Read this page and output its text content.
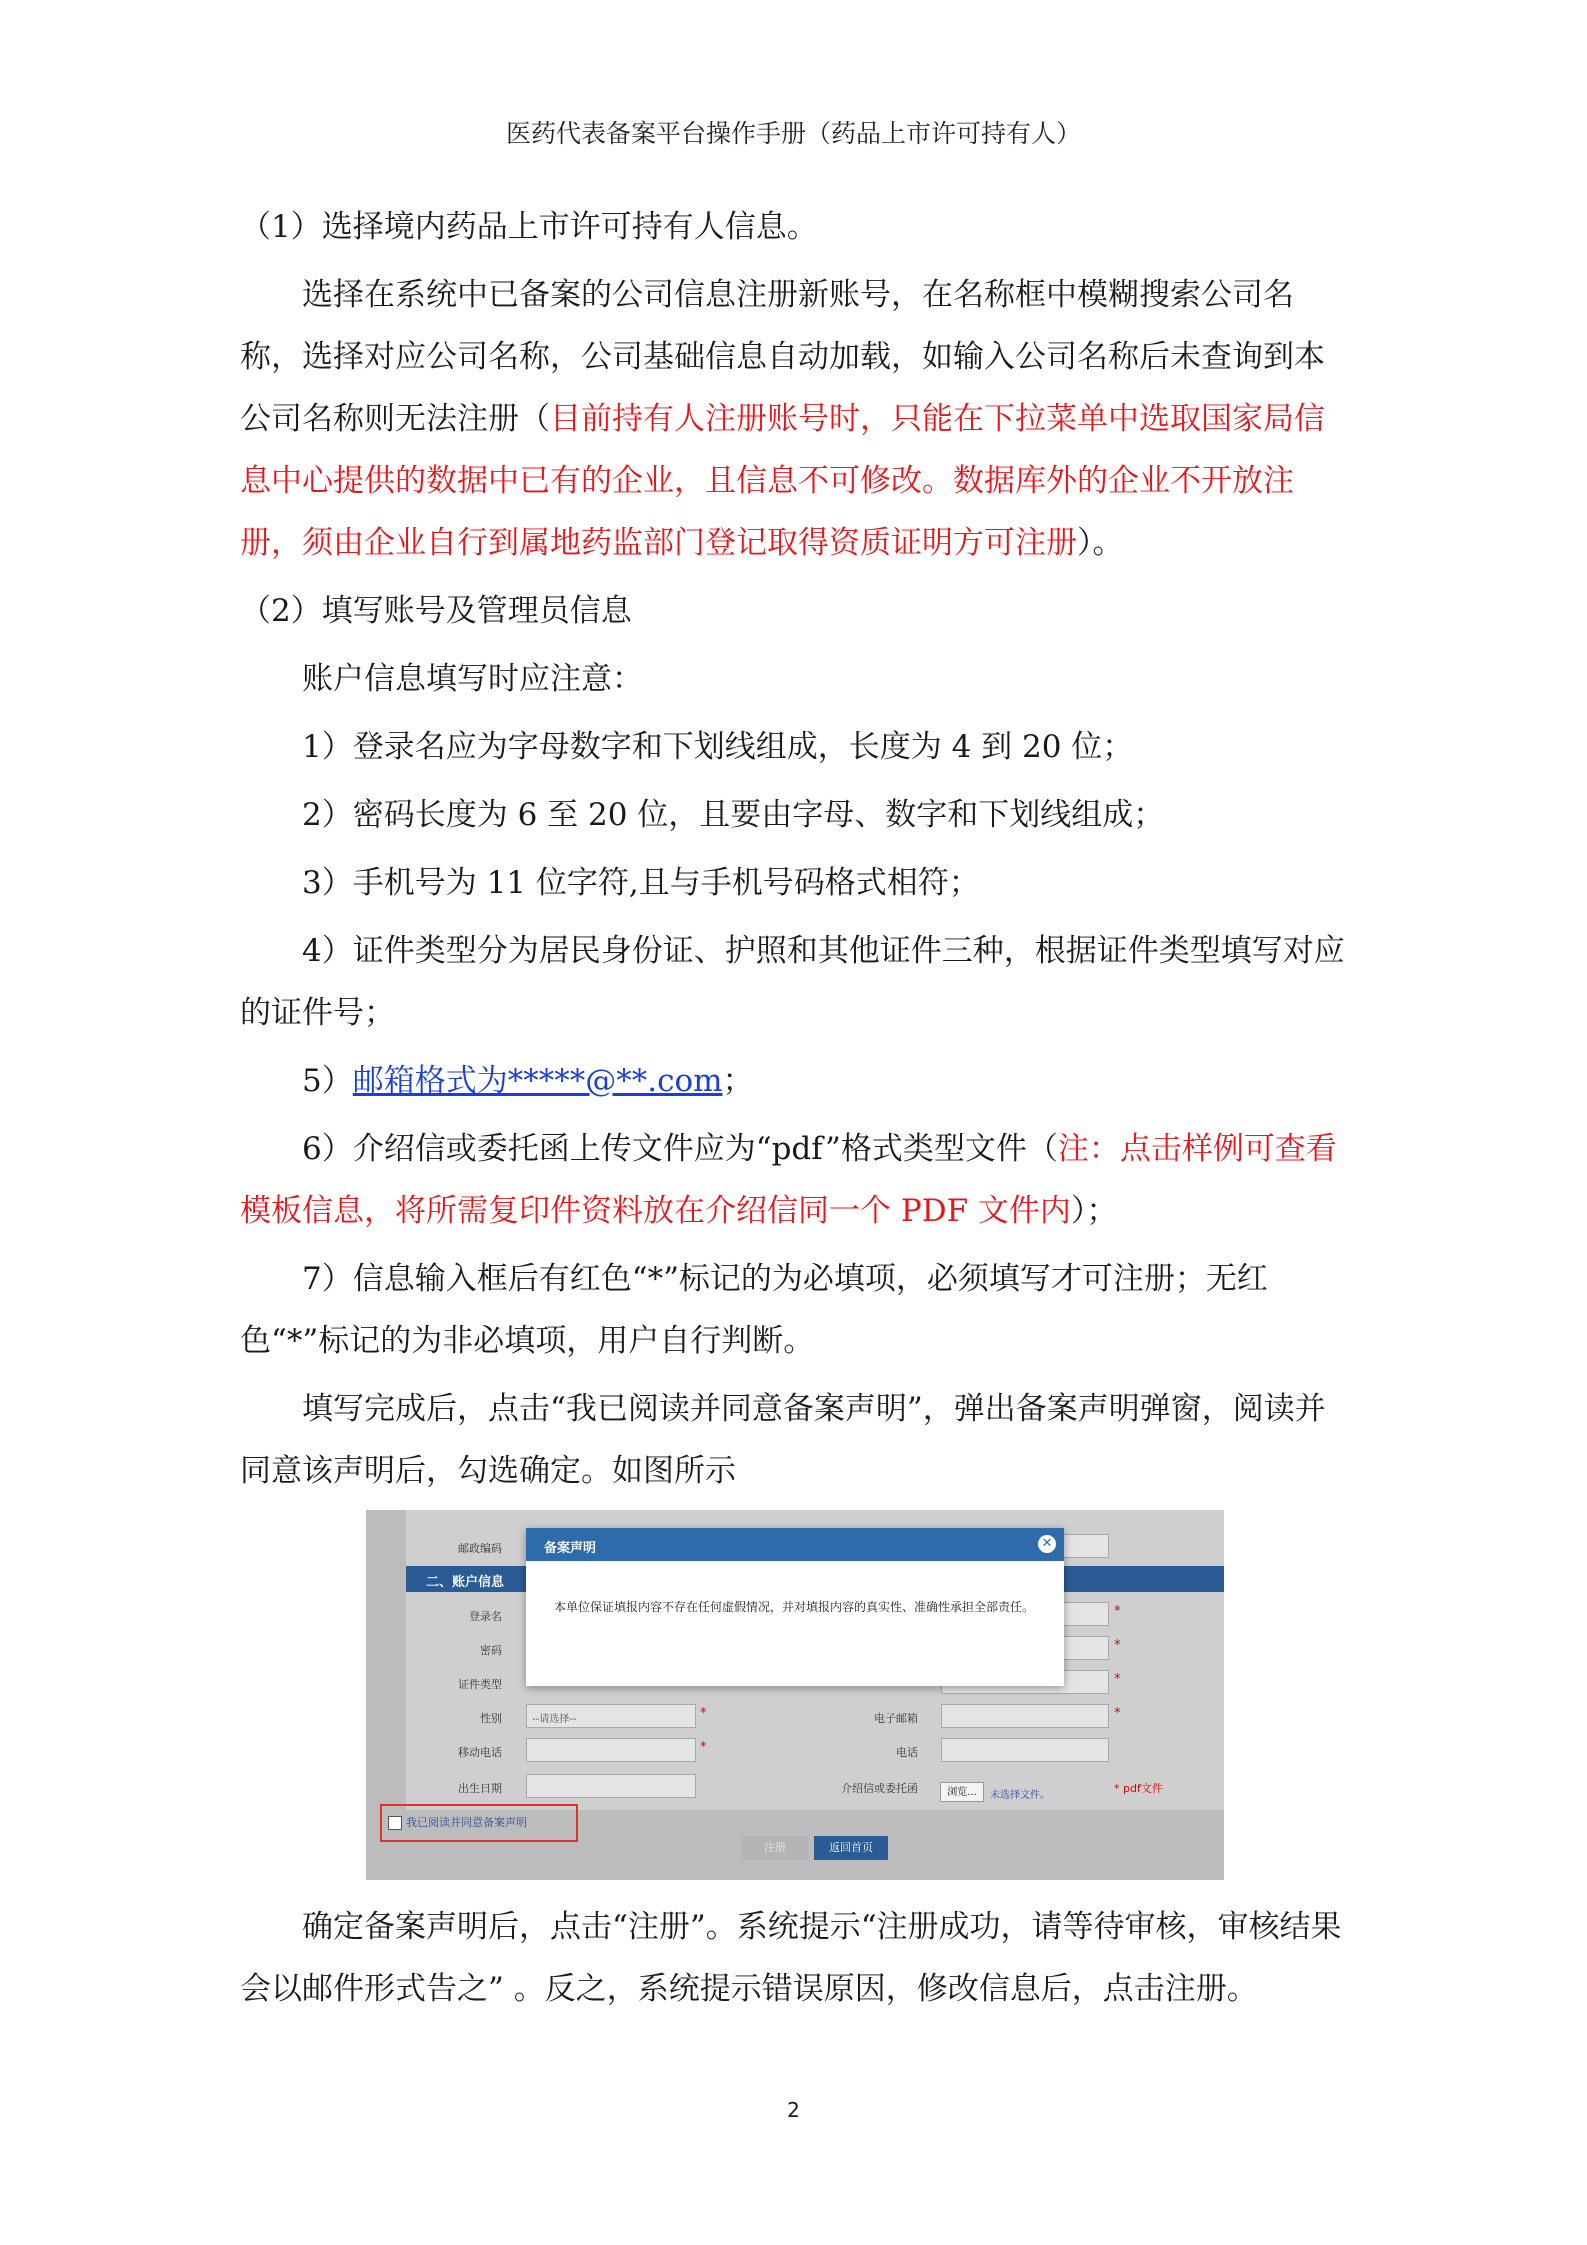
医药代表备案平台操作手册（药品上市许可持有人）

（1）选择境内药品上市许可持有人信息。

选择在系统中已备案的公司信息注册新账号，在名称框中模糊搜索公司名称，选择对应公司名称，公司基础信息自动加载，如输入公司名称后未查询到本公司名称则无法注册（目前持有人注册账号时，只能在下拉菜单中选取国家局信息中心提供的数据中已有的企业，且信息不可修改。数据库外的企业不开放注册，须由企业自行到属地药监部门登记取得资质证明方可注册）。

（2）填写账号及管理员信息

账户信息填写时应注意：

1）登录名应为字母数字和下划线组成，长度为 4 到 20 位；

2）密码长度为 6 至 20 位，且要由字母、数字和下划线组成；

3）手机号为 11 位字符,且与手机号码格式相符；

4）证件类型分为居民身份证、护照和其他证件三种，根据证件类型填写对应的证件号；

5）邮箱格式为*****@**.com；

6）介绍信或委托函上传文件应为“pdf”格式类型文件（注：点击样例可查看模板信息，将所需复印件资料放在介绍信同一个 PDF 文件内）；

7）信息输入框后有红色“*”标记的为必填项，必须填写才可注册；无红色“*”标记的为非必填项，用户自行判断。

填写完成后，点击“我已阅读并同意备案声明”，弹出备案声明弹窗，阅读并同意该声明后，勾选确定。如图所示

邮政编码
二、账户信息
登录名	*
密码	*
证件类型	*
性别	--请选择--	*	电子邮箱	*
移动电话	*	电话
出生日期	介绍信或委托函	浏览...	未选择文件。
* pdf文件
备案声明	✕
本单位保证填报内容不存在任何虚假情况，并对填报内容的真实性、准确性承担全部责任。
我已阅读并同意备案声明
注册	返回首页

确定备案声明后，点击“注册”。系统提示“注册成功，请等待审核，审核结果会以邮件形式告之” 。反之，系统提示错误原因，修改信息后，点击注册。

2
